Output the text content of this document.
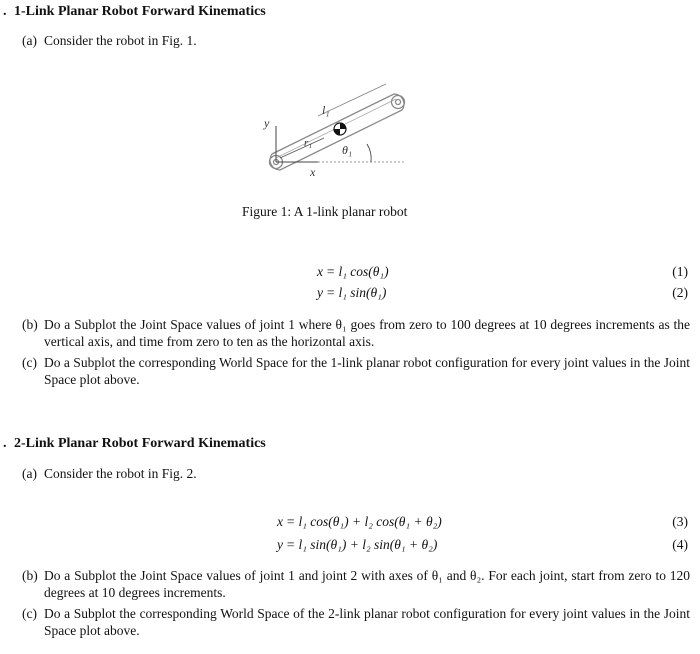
. 1-Link Planar Robot Forward Kinematics
(a) Consider the robot in Fig. 1.
y
x
r₁
l₁
θ₁
Figure 1: A 1-link planar robot
x = l₁ cos(θ₁)	(1)
y = l₁ sin(θ₁)	(2)
(b) Do a Subplot the Joint Space values of joint 1 where θ₁ goes from zero to 100 degrees at 10 degrees increments as the vertical axis, and time from zero to ten as the horizontal axis.
(c) Do a Subplot the corresponding World Space for the 1-link planar robot configuration for every joint values in the Joint Space plot above.
. 2-Link Planar Robot Forward Kinematics
(a) Consider the robot in Fig. 2.
x = l₁ cos(θ₁) + l₂ cos(θ₁ + θ₂)	(3)
y = l₁ sin(θ₁) + l₂ sin(θ₁ + θ₂)	(4)
(b) Do a Subplot the Joint Space values of joint 1 and joint 2 with axes of θ₁ and θ₂. For each joint, start from zero to 120 degrees at 10 degrees increments.
(c) Do a Subplot the corresponding World Space of the 2-link planar robot configuration for every joint values in the Joint Space plot above.
